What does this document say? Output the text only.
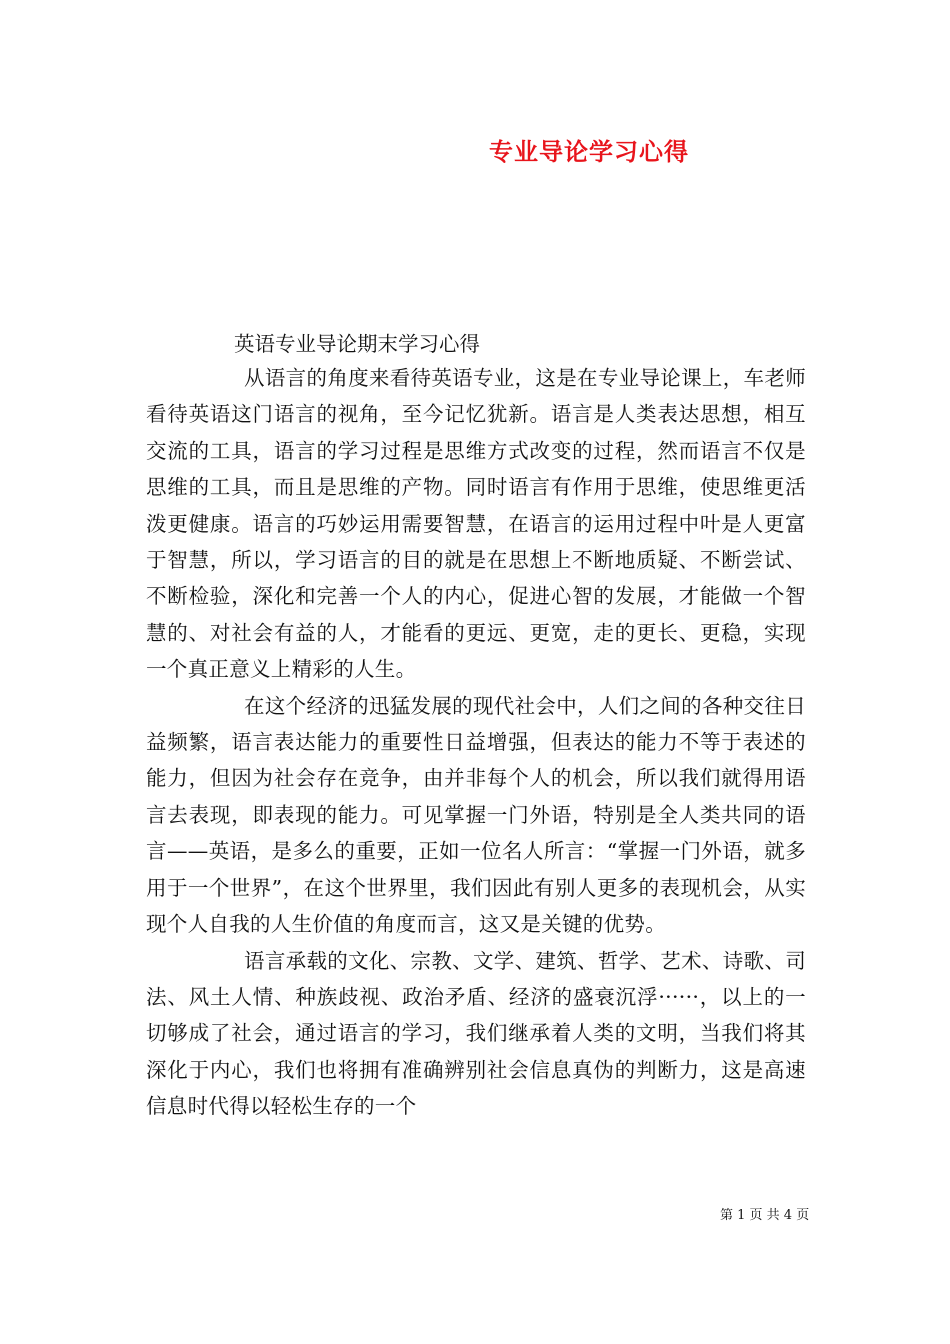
专业导论学习心得

英语专业导论期末学习心得

从语言的角度来看待英语专业，这是在专业导论课上，车老师看待英语这门语言的视角，至今记忆犹新。语言是人类表达思想，相互交流的工具，语言的学习过程是思维方式改变的过程，然而语言不仅是思维的工具，而且是思维的产物。同时语言有作用于思维，使思维更活泼更健康。语言的巧妙运用需要智慧，在语言的运用过程中叶是人更富于智慧，所以，学习语言的目的就是在思想上不断地质疑、不断尝试、不断检验，深化和完善一个人的内心，促进心智的发展，才能做一个智慧的、对社会有益的人，才能看的更远、更宽，走的更长、更稳，实现一个真正意义上精彩的人生。

在这个经济的迅猛发展的现代社会中，人们之间的各种交往日益频繁，语言表达能力的重要性日益增强，但表达的能力不等于表述的能力，但因为社会存在竞争，由并非每个人的机会，所以我们就得用语言去表现，即表现的能力。可见掌握一门外语，特别是全人类共同的语言——英语，是多么的重要，正如一位名人所言：“掌握一门外语，就多用于一个世界”，在这个世界里，我们因此有别人更多的表现机会，从实现个人自我的人生价值的角度而言，这又是关键的优势。

语言承载的文化、宗教、文学、建筑、哲学、艺术、诗歌、司法、风土人情、种族歧视、政治矛盾、经济的盛衰沉浮······，以上的一切够成了社会，通过语言的学习，我们继承着人类的文明，当我们将其深化于内心，我们也将拥有准确辨别社会信息真伪的判断力，这是高速信息时代得以轻松生存的一个

第 1 页 共 4 页
